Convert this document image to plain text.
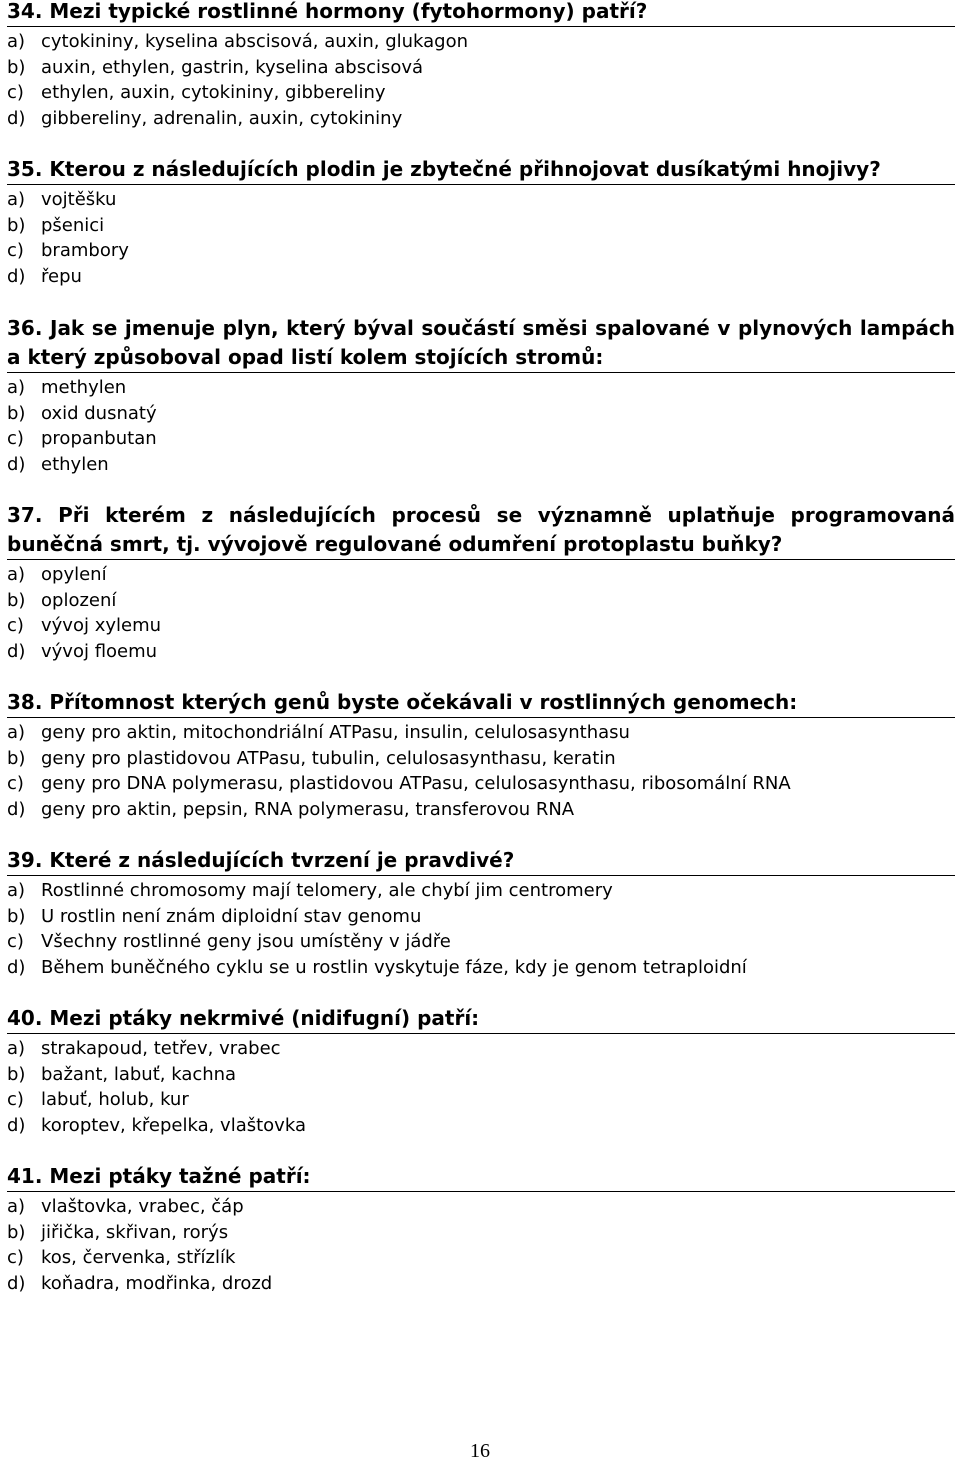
34. Mezi typické rostlinné hormony (fytohormony) patří?
a) cytokininy, kyselina abscisová, auxin, glukagon
b) auxin, ethylen, gastrin, kyselina abscisová
c) ethylen, auxin, cytokininy, gibbereliny
d) gibbereliny, adrenalin, auxin, cytokininy
35. Kterou z následujících plodin je zbytečné přihnojovat dusíkatými hnojivy?
a) vojtěšku
b) pšenici
c) brambory
d) řepu
36. Jak se jmenuje plyn, který býval součástí směsi spalované v plynových lampách a který způsoboval opad listí kolem stojících stromů:
a) methylen
b) oxid dusnatý
c) propanbutan
d) ethylen
37. Při kterém z následujících procesů se významně uplatňuje programovaná buněčná smrt, tj. vývojově regulované odumření protoplastu buňky?
a) opylení
b) oplození
c) vývoj xylemu
d) vývoj floemu
38. Přítomnost kterých genů byste očekávali v rostlinných genomech:
a) geny pro aktin, mitochondriální ATPasu, insulin, celulosasynthasu
b) geny pro plastidovou ATPasu, tubulin, celulosasynthasu, keratin
c) geny pro DNA polymerasu, plastidovou ATPasu, celulosasynthasu, ribosomální RNA
d) geny pro aktin, pepsin, RNA polymerasu, transferovou RNA
39. Které z následujících tvrzení je pravdivé?
a) Rostlinné chromosomy mají telomery, ale chybí jim centromery
b) U rostlin není znám diploidní stav genomu
c) Všechny rostlinné geny jsou umístěny v jádře
d) Během buněčného cyklu se u rostlin vyskytuje fáze, kdy je genom tetraploidní
40. Mezi ptáky nekrmivé (nidifugní) patří:
a) strakapoud, tetřev, vrabec
b) bažant, labuť, kachna
c) labuť, holub, kur
d) koroptev, křepelka, vlaštovka
41. Mezi ptáky tažné patří:
a) vlaštovka, vrabec, čáp
b) jiřička, skřivan, rorýs
c) kos, červenka, střízlík
d) koňadra, modřinka, drozd
16
